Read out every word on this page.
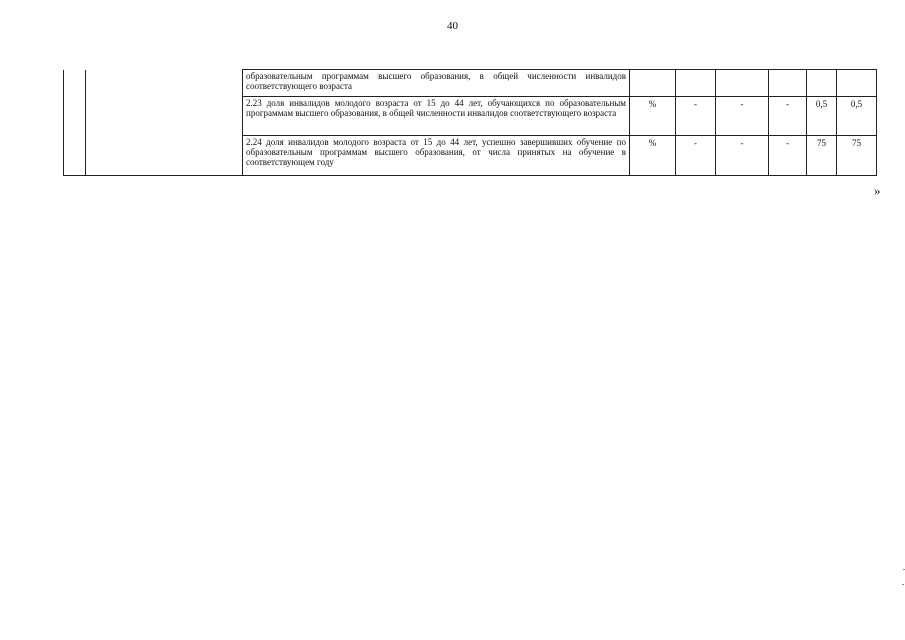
40
		образовательным программам высшего образования, в общей численности инвалидов соответствующего возраста						
		2.23 доля инвалидов молодого возраста от 15 до 44 лет, обучающихся по образовательным программам высшего образования, в общей численности инвалидов соответствующего возраста	%	-	-	-	0,5	0,5
		2.24 доля инвалидов молодого возраста от 15 до 44 лет, успешно завершивших обучение по образовательным программам высшего образования, от числа принятых на обучение в соответствующем году	%	-	-	-	75	75
»
